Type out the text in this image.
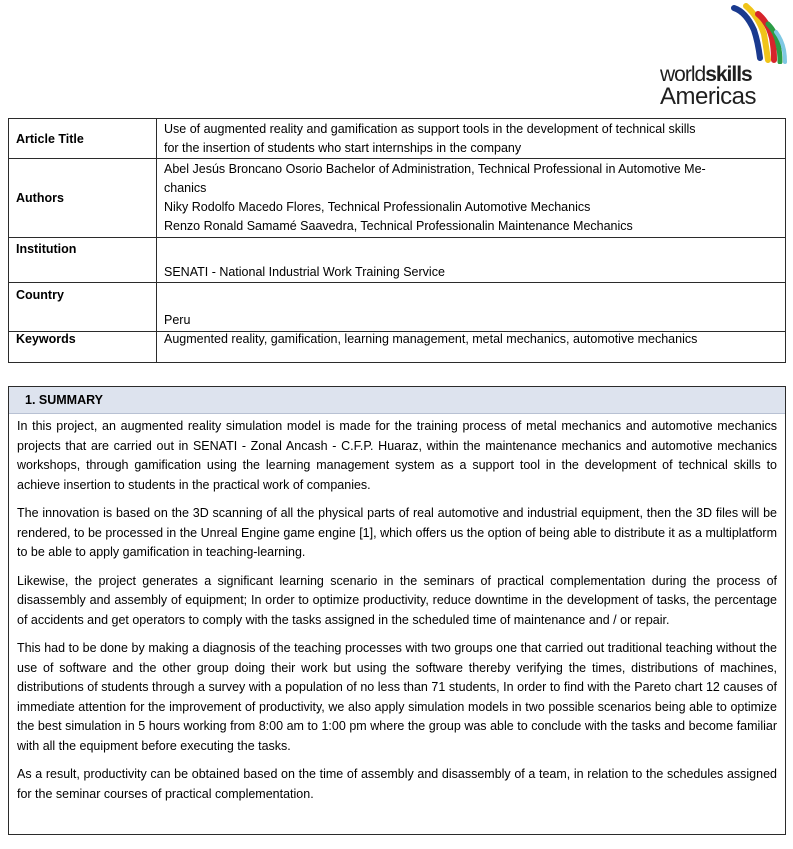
worldskills
Americas
Article Title	Use of augmented reality and gamification as support tools in the development of technical skills
for the insertion of students who start internships in the company

Authors	Abel Jesús Broncano Osorio Bachelor of Administration, Technical Professional in Automotive Me-
chanics
Niky Rodolfo Macedo Flores, Technical Professionalin Automotive Mechanics
Renzo Ronald Samamé Saavedra, Technical Professionalin Maintenance Mechanics

Institution	SENATI - National Industrial Work Training Service
Country	Peru
Keywords	Augmented reality, gamification, learning management, metal mechanics, automotive mechanics
1. SUMMARY

In this project, an augmented reality simulation model is made for the training process of metal mechanics and automotive mechanics projects that are carried out in SENATI - Zonal Ancash - C.F.P. Huaraz, within the maintenance mechanics and automotive mechanics workshops, through gamification using the learning management system as a support tool in the development of technical skills to achieve insertion to students in the practical work of companies.

The innovation is based on the 3D scanning of all the physical parts of real automotive and industrial equipment, then the 3D files will be rendered, to be processed in the Unreal Engine game engine [1], which offers us the option of being able to distribute it as a multiplatform to be able to apply gamification in teaching-learning.

Likewise, the project generates a significant learning scenario in the seminars of practical complementation during the process of disassembly and assembly of equipment; In order to optimize productivity, reduce downtime in the development of tasks, the percentage of accidents and get operators to comply with the tasks assigned in the scheduled time of maintenance and / or repair.

This had to be done by making a diagnosis of the teaching processes with two groups one that carried out traditional teaching without the use of software and the other group doing their work but using the software thereby verifying the times, distributions of machines, distributions of students through a survey with a population of no less than 71 students, In order to find with the Pareto chart 12 causes of immediate attention for the improvement of productivity, we also apply simulation models in two possible scenarios being able to optimize the best simulation in 5 hours working from 8:00 am to 1:00 pm where the group was able to conclude with the tasks and become familiar with all the equipment before executing the tasks.

As a result, productivity can be obtained based on the time of assembly and disassembly of a team, in relation to the schedules assigned for the seminar courses of practical complementation.
